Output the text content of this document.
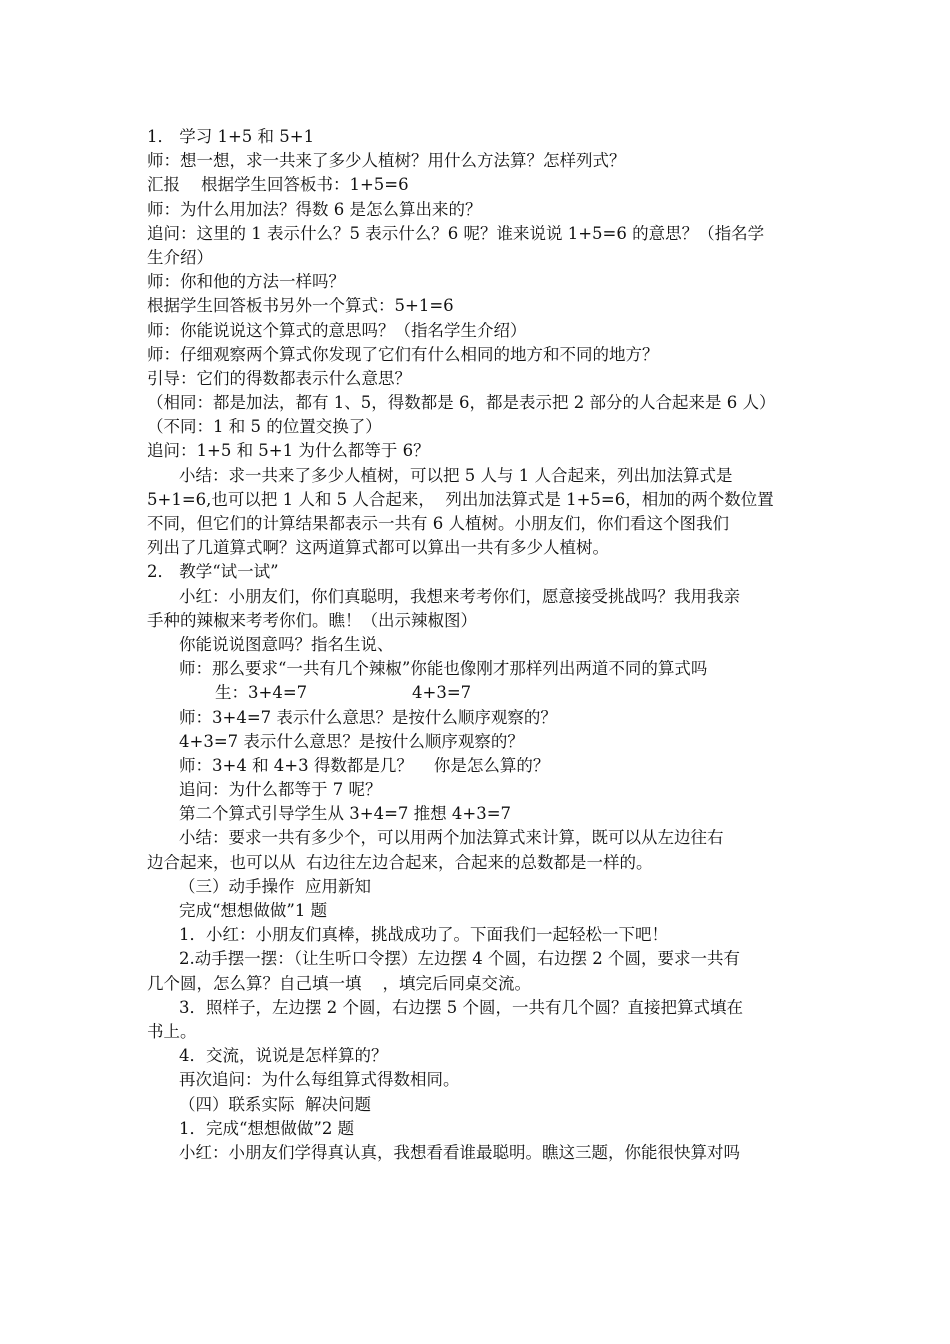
1． 学习 1+5 和 5+1
师：想一想，求一共来了多少人植树？用什么方法算？怎样列式？
汇报    根据学生回答板书：1+5=6
师：为什么用加法？得数 6 是怎么算出来的？
追问：这里的 1 表示什么？5 表示什么？6 呢？谁来说说 1+5=6 的意思？（指名学
生介绍）
师：你和他的方法一样吗？
根据学生回答板书另外一个算式：5+1=6
师：你能说说这个算式的意思吗？（指名学生介绍）
师：仔细观察两个算式你发现了它们有什么相同的地方和不同的地方？
引导：它们的得数都表示什么意思？
（相同：都是加法，都有 1、5，得数都是 6，都是表示把 2 部分的人合起来是 6 人）
（不同：1 和 5 的位置交换了）
追问：1+5 和 5+1 为什么都等于 6？
小结：求一共来了多少人植树，可以把 5 人与 1 人合起来，列出加法算式是
5+1=6,也可以把 1 人和 5 人合起来，  列出加法算式是 1+5=6，相加的两个数位置
不同，但它们的计算结果都表示一共有 6 人植树。小朋友们，你们看这个图我们
列出了几道算式啊？这两道算式都可以算出一共有多少人植树。
2． 教学“试一试”
小红：小朋友们，你们真聪明，我想来考考你们，愿意接受挑战吗？我用我亲
手种的辣椒来考考你们。瞧！（出示辣椒图）
你能说说图意吗？指名生说、
师：那么要求“一共有几个辣椒”你能也像刚才那样列出两道不同的算式吗
生：3+4=7                    4+3=7
师：3+4=7 表示什么意思？是按什么顺序观察的？
4+3=7 表示什么意思？是按什么顺序观察的？
师：3+4 和 4+3 得数都是几？    你是怎么算的？
追问：为什么都等于 7 呢？
第二个算式引导学生从 3+4=7 推想 4+3=7
小结：要求一共有多少个，可以用两个加法算式来计算，既可以从左边往右
边合起来，也可以从  右边往左边合起来，合起来的总数都是一样的。
（三）动手操作  应用新知
完成“想想做做”1 题
1．小红：小朋友们真棒，挑战成功了。下面我们一起轻松一下吧！
2.动手摆一摆：（让生听口令摆）左边摆 4 个圆，右边摆 2 个圆，要求一共有
几个圆，怎么算？自己填一填    ，填完后同桌交流。
3．照样子，左边摆 2 个圆，右边摆 5 个圆，一共有几个圆？直接把算式填在
书上。
4．交流，说说是怎样算的？
再次追问：为什么每组算式得数相同。
（四）联系实际  解决问题
1．完成“想想做做”2 题
小红：小朋友们学得真认真，我想看看谁最聪明。瞧这三题，你能很快算对吗
